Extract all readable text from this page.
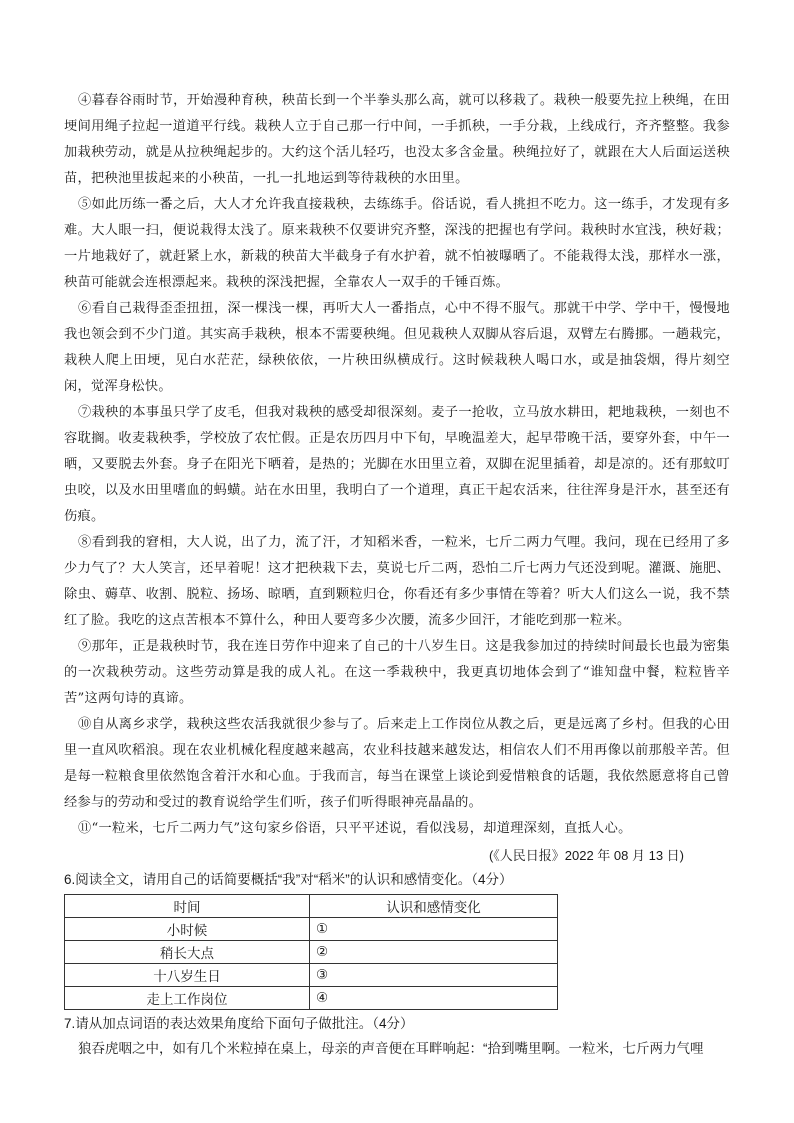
④暮春谷雨时节，开始漫种育秧，秧苗长到一个半拳头那么高，就可以移栽了。栽秧一般要先拉上秧绳，在田埂间用绳子拉起一道道平行线。栽秧人立于自己那一行中间，一手抓秧，一手分栽，上线成行，齐齐整整。我参加栽秧劳动，就是从拉秧绳起步的。大约这个活儿轻巧，也没太多含金量。秧绳拉好了，就跟在大人后面运送秧苗，把秧池里拔起来的小秧苗，一扎一扎地运到等待栽秧的水田里。

⑤如此历练一番之后，大人才允许我直接栽秧，去练练手。俗话说，看人挑担不吃力。这一练手，才发现有多难。大人眼一扫，便说栽得太浅了。原来栽秧不仅要讲究齐整，深浅的把握也有学问。栽秧时水宜浅，秧好栽；一片地栽好了，就赶紧上水，新栽的秧苗大半截身子有水护着，就不怕被曝晒了。不能栽得太浅，那样水一涨，秧苗可能就会连根漂起来。栽秧的深浅把握，全靠农人一双手的千锤百炼。

⑥看自己栽得歪歪扭扭，深一棵浅一棵，再听大人一番指点，心中不得不服气。那就干中学、学中干，慢慢地我也领会到不少门道。其实高手栽秧，根本不需要秧绳。但见栽秧人双脚从容后退，双臂左右腾挪。一趟栽完，栽秧人爬上田埂，见白水茫茫，绿秧依依，一片秧田纵横成行。这时候栽秧人喝口水，或是抽袋烟，得片刻空闲，觉浑身松快。

⑦栽秧的本事虽只学了皮毛，但我对栽秧的感受却很深刻。麦子一抢收，立马放水耕田，耙地栽秧，一刻也不容耽搁。收麦栽秧季，学校放了农忙假。正是农历四月中下旬，早晚温差大，起早带晚干活，要穿外套，中午一晒，又要脱去外套。身子在阳光下晒着，是热的；光脚在水田里立着，双脚在泥里插着，却是凉的。还有那蚊叮虫咬，以及水田里嗜血的蚂蟥。站在水田里，我明白了一个道理，真正干起农活来，往往浑身是汗水，甚至还有伤痕。

⑧看到我的窘相，大人说，出了力，流了汗，才知稻米香，一粒米，七斤二两力气哩。我问，现在已经用了多少力气了？大人笑言，还早着呢！这才把秧栽下去，莫说七斤二两，恐怕二斤七两力气还没到呢。灌溉、施肥、除虫、薅草、收割、脱粒、扬场、晾晒，直到颗粒归仓，你看还有多少事情在等着？听大人们这么一说，我不禁红了脸。我吃的这点苦根本不算什么，种田人要弯多少次腰，流多少回汗，才能吃到那一粒米。

⑨那年，正是栽秧时节，我在连日劳作中迎来了自己的十八岁生日。这是我参加过的持续时间最长也最为密集的一次栽秧劳动。这些劳动算是我的成人礼。在这一季栽秧中，我更真切地体会到了“谁知盘中餐，粒粒皆辛苦”这两句诗的真谛。

⑩自从离乡求学，栽秧这些农活我就很少参与了。后来走上工作岗位从教之后，更是远离了乡村。但我的心田里一直风吹稻浪。现在农业机械化程度越来越高，农业科技越来越发达，相信农人们不用再像以前那般辛苦。但是每一粒粮食里依然饱含着汗水和心血。于我而言，每当在课堂上谈论到爱惜粮食的话题，我依然愿意将自己曾经参与的劳动和受过的教育说给学生们听，孩子们听得眼神亮晶晶的。

⑪“一粒米，七斤二两力气”这句家乡俗语，只平平述说，看似浅易，却道理深刻，直抵人心。

(《人民日报》2022 年 08 月 13 日)

6.阅读全文，请用自己的话简要概括“我”对“稻米”的认识和感情变化。（4分）

时间	认识和感情变化
小时候	①
稍长大点	②
十八岁生日	③
走上工作岗位	④

7.请从加点词语的表达效果角度给下面句子做批注。（4分）

狼吞虎咽之中，如有几个米粒掉在桌上，母亲的声音便在耳畔响起：“拾到嘴里啊。一粒米，七斤两力气哩
